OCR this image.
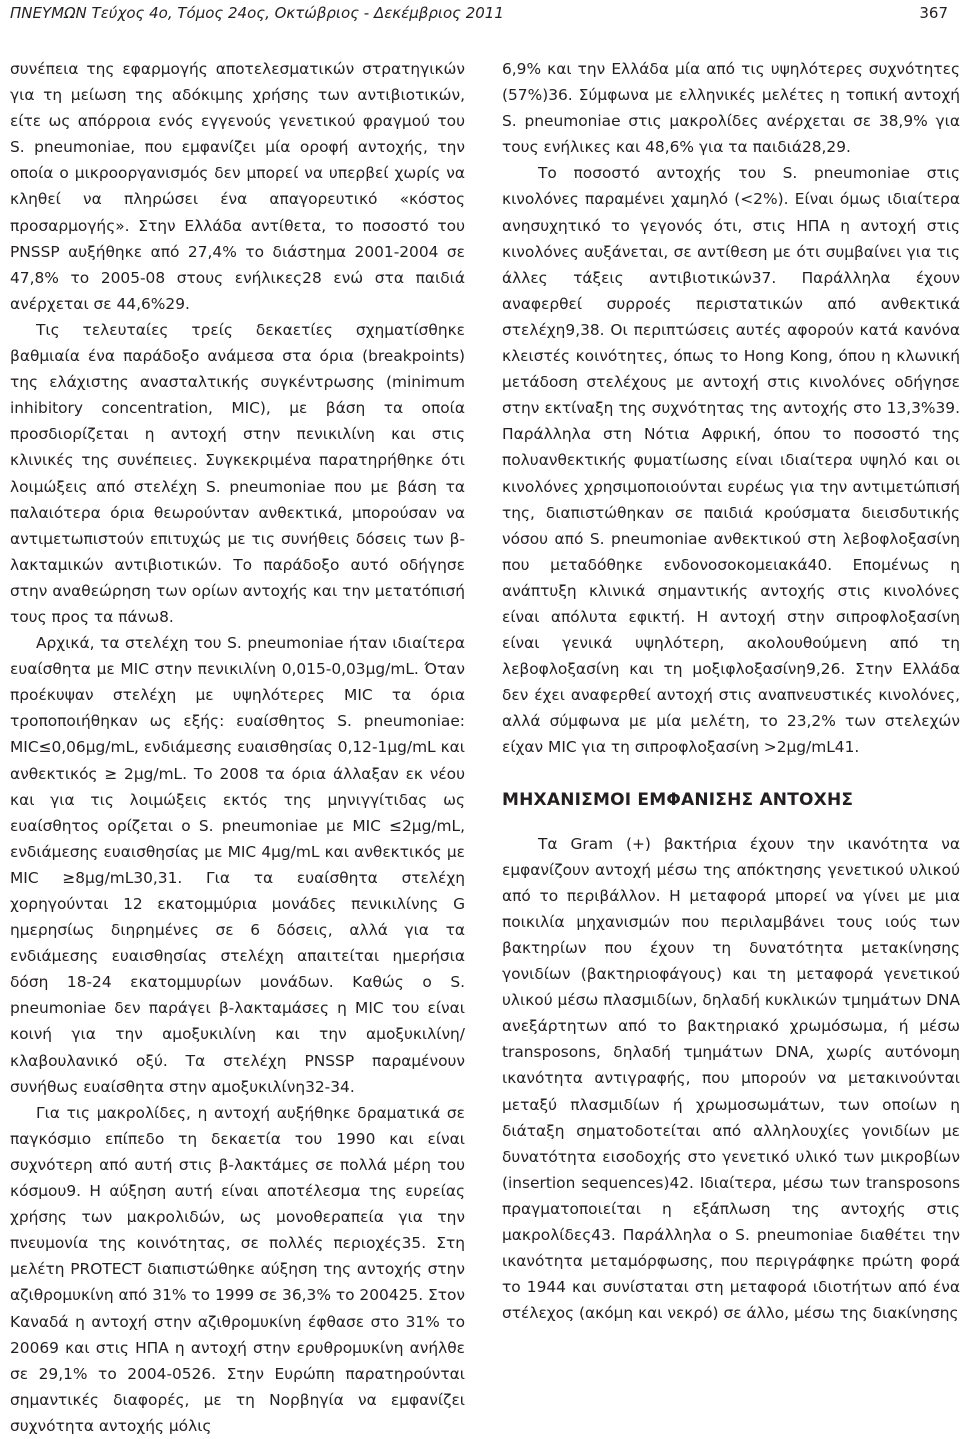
ΠΝΕΥΜΩΝ Τεύχος 4ο, Τόμος 24ος, Οκτώβριος - Δεκέμβριος 2011	367

συνέπεια της εφαρμογής αποτελεσματικών στρατηγικών για τη μείωση της αδόκιμης χρήσης των αντιβιοτικών, είτε ως απόρροια ενός εγγενούς γενετικού φραγμού του S. pneumoniae, που εμφανίζει μία οροφή αντοχής, την οποία ο μικροοργανισμός δεν μπορεί να υπερβεί χωρίς να κληθεί να πληρώσει ένα απαγορευτικό «κόστος προσαρμογής». Στην Ελλάδα αντίθετα, το ποσοστό του PNSSP αυξήθηκε από 27,4% το διάστημα 2001-2004 σε 47,8% το 2005-08 στους ενήλικες28 ενώ στα παιδιά ανέρχεται σε 44,6%29.

Τις τελευταίες τρείς δεκαετίες σχηματίσθηκε βαθμιαία ένα παράδοξο ανάμεσα στα όρια (breakpoints) της ελάχιστης ανασταλτικής συγκέντρωσης (minimum inhibitory concentration, MIC), με βάση τα οποία προσδιορίζεται η αντοχή στην πενικιλίνη και στις κλινικές της συνέπειες. Συγκεκριμένα παρατηρήθηκε ότι λοιμώξεις από στελέχη S. pneumoniae που με βάση τα παλαιότερα όρια θεωρούνταν ανθεκτικά, μπορούσαν να αντιμετωπιστούν επιτυχώς με τις συνήθεις δόσεις των β-λακταμικών αντιβιοτικών. Το παράδοξο αυτό οδήγησε στην αναθεώρηση των ορίων αντοχής και την μετατόπισή τους προς τα πάνω8.

Αρχικά, τα στελέχη του S. pneumoniae ήταν ιδιαίτερα ευαίσθητα με MIC στην πενικιλίνη 0,015-0,03μg/mL. Όταν προέκυψαν στελέχη με υψηλότερες MIC τα όρια τροποποιήθηκαν ως εξής: ευαίσθητος S. pneumoniae: MIC≤0,06μg/mL, ενδιάμεσης ευαισθησίας 0,12-1μg/mL και ανθεκτικός ≥ 2μg/mL. Το 2008 τα όρια άλλαξαν εκ νέου και για τις λοιμώξεις εκτός της μηνιγγίτιδας ως ευαίσθητος ορίζεται ο S. pneumoniae με MIC ≤2μg/mL, ενδιάμεσης ευαισθησίας με MIC 4μg/mL και ανθεκτικός με MIC ≥8μg/mL30,31. Για τα ευαίσθητα στελέχη χορηγούνται 12 εκατομμύρια μονάδες πενικιλίνης G ημερησίως διηρημένες σε 6 δόσεις, αλλά για τα ενδιάμεσης ευαισθησίας στελέχη απαιτείται ημερήσια δόση 18-24 εκατομμυρίων μονάδων. Καθώς ο S. pneumoniae δεν παράγει β-λακταμάσες η MIC του είναι κοινή για την αμοξυκιλίνη και την αμοξυκιλίνη/κλαβουλανικό οξύ. Τα στελέχη PNSSP παραμένουν συνήθως ευαίσθητα στην αμοξυκιλίνη32-34.

Για τις μακρολίδες, η αντοχή αυξήθηκε δραματικά σε παγκόσμιο επίπεδο τη δεκαετία του 1990 και είναι συχνότερη από αυτή στις β-λακτάμες σε πολλά μέρη του κόσμου9. Η αύξηση αυτή είναι αποτέλεσμα της ευρείας χρήσης των μακρολιδών, ως μονοθεραπεία για την πνευμονία της κοινότητας, σε πολλές περιοχές35. Στη μελέτη PROTECT διαπιστώθηκε αύξηση της αντοχής στην αζιθρομυκίνη από 31% το 1999 σε 36,3% το 200425. Στον Καναδά η αντοχή στην αζιθρομυκίνη έφθασε στο 31% το 20069 και στις ΗΠΑ η αντοχή στην ερυθρομυκίνη ανήλθε σε 29,1% το 2004-0526. Στην Ευρώπη παρατηρούνται σημαντικές διαφορές, με τη Νορβηγία να εμφανίζει συχνότητα αντοχής μόλις

6,9% και την Ελλάδα μία από τις υψηλότερες συχνότητες (57%)36. Σύμφωνα με ελληνικές μελέτες η τοπική αντοχή S. pneumoniae στις μακρολίδες ανέρχεται σε 38,9% για τους ενήλικες και 48,6% για τα παιδιά28,29.

Το ποσοστό αντοχής του S. pneumoniae στις κινολόνες παραμένει χαμηλό (<2%). Είναι όμως ιδιαίτερα ανησυχητικό το γεγονός ότι, στις ΗΠΑ η αντοχή στις κινολόνες αυξάνεται, σε αντίθεση με ότι συμβαίνει για τις άλλες τάξεις αντιβιοτικών37. Παράλληλα έχουν αναφερθεί συρροές περιστατικών από ανθεκτικά στελέχη9,38. Οι περιπτώσεις αυτές αφορούν κατά κανόνα κλειστές κοινότητες, όπως το Hong Kong, όπου η κλωνική μετάδοση στελέχους με αντοχή στις κινολόνες οδήγησε στην εκτίναξη της συχνότητας της αντοχής στο 13,3%39. Παράλληλα στη Νότια Αφρική, όπου το ποσοστό της πολυανθεκτικής φυματίωσης είναι ιδιαίτερα υψηλό και οι κινολόνες χρησιμοποιούνται ευρέως για την αντιμετώπισή της, διαπιστώθηκαν σε παιδιά κρούσματα διεισδυτικής νόσου από S. pneumoniae ανθεκτικού στη λεβοφλοξασίνη που μεταδόθηκε ενδονοσοκομειακά40. Επομένως η ανάπτυξη κλινικά σημαντικής αντοχής στις κινολόνες είναι απόλυτα εφικτή. Η αντοχή στην σιπροφλοξασίνη είναι γενικά υψηλότερη, ακολουθούμενη από τη λεβοφλοξασίνη και τη μοξιφλοξασίνη9,26. Στην Ελλάδα δεν έχει αναφερθεί αντοχή στις αναπνευστικές κινολόνες, αλλά σύμφωνα με μία μελέτη, το 23,2% των στελεχών είχαν MIC για τη σιπροφλοξασίνη >2μg/mL41.

ΜΗΧΑΝΙΣΜΟΙ ΕΜΦΑΝΙΣΗΣ ΑΝΤΟΧΗΣ

Τα Gram (+) βακτήρια έχουν την ικανότητα να εμφανίζουν αντοχή μέσω της απόκτησης γενετικού υλικού από το περιβάλλον. Η μεταφορά μπορεί να γίνει με μια ποικιλία μηχανισμών που περιλαμβάνει τους ιούς των βακτηρίων που έχουν τη δυνατότητα μετακίνησης γονιδίων (βακτηριοφάγους) και τη μεταφορά γενετικού υλικού μέσω πλασμιδίων, δηλαδή κυκλικών τμημάτων DNA ανεξάρτητων από το βακτηριακό χρωμόσωμα, ή μέσω transposons, δηλαδή τμημάτων DNA, χωρίς αυτόνομη ικανότητα αντιγραφής, που μπορούν να μετακινούνται μεταξύ πλασμιδίων ή χρωμοσωμάτων, των οποίων η διάταξη σηματοδοτείται από αλληλουχίες γονιδίων με δυνατότητα εισοδοχής στο γενετικό υλικό των μικροβίων (insertion sequences)42. Ιδιαίτερα, μέσω των transposons πραγματοποιείται η εξάπλωση της αντοχής στις μακρολίδες43. Παράλληλα ο S. pneumoniae διαθέτει την ικανότητα μεταμόρφωσης, που περιγράφηκε πρώτη φορά το 1944 και συνίσταται στη μεταφορά ιδιοτήτων από ένα στέλεχος (ακόμη και νεκρό) σε άλλο, μέσω της διακίνησης
